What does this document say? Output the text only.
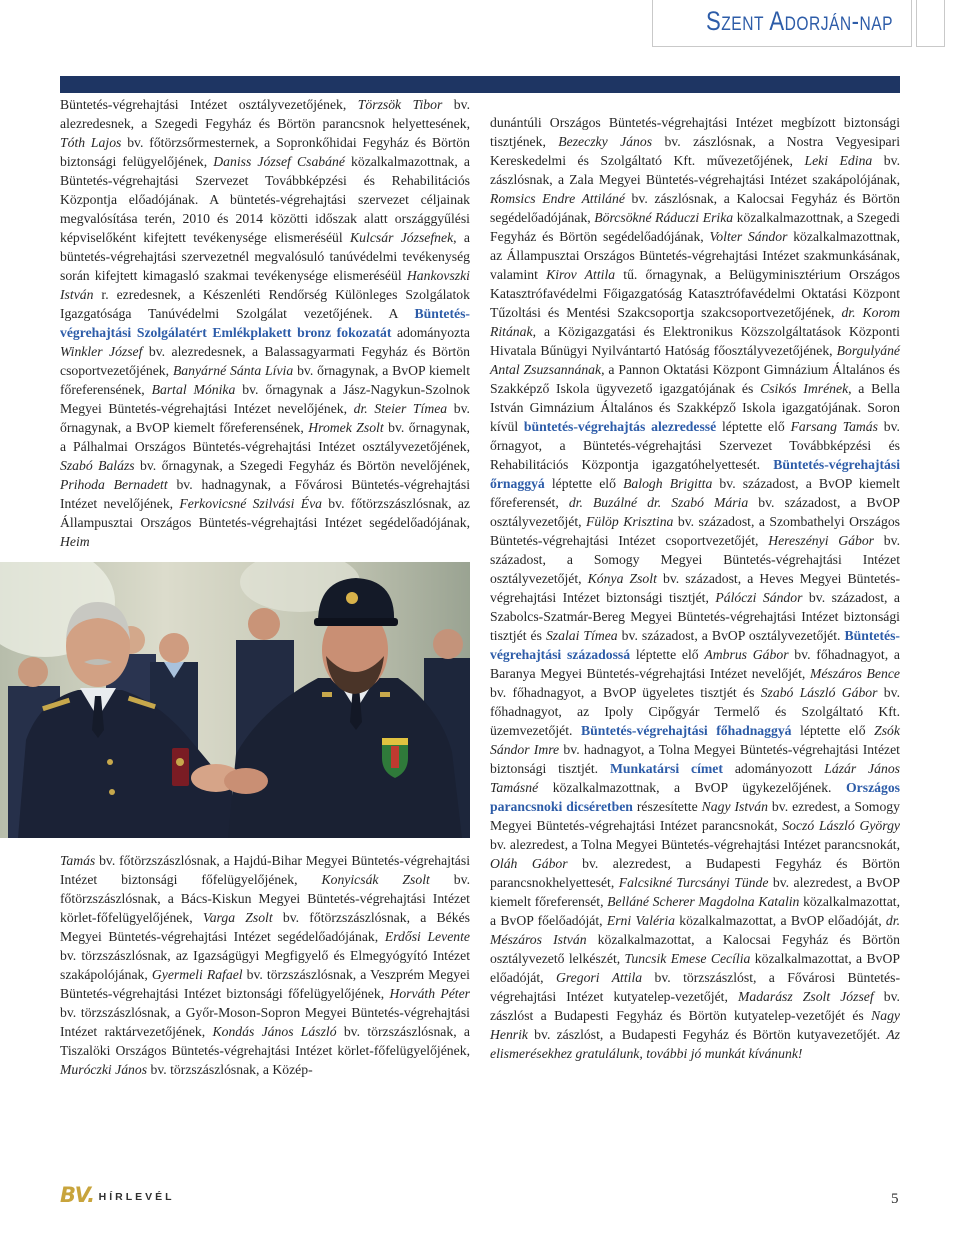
Szent Adorján-nap

Büntetés-végrehajtási Intézet osztályvezetőjének, Törzsök Tibor bv. alezredesnek, a Szegedi Fegyház és Börtön parancsnok helyettesének, Tóth Lajos bv. főtörzsőrmesternek, a Sopronkőhidai Fegyház és Börtön biztonsági felügyelőjének, Daniss József Csabáné közalkalmazottnak, a Büntetés-végrehajtási Szervezet Továbbképzési és Rehabilitációs Központja előadójának. A büntetés-végrehajtási szervezet céljainak megvalósítása terén, 2010 és 2014 közötti időszak alatt országgyűlési képviselőként kifejtett tevékenysége elismeréséül Kulcsár Józsefnek, a büntetés-végrehajtási szervezetnél megvalósuló tanúvédelmi tevékenység során kifejtett kimagasló szakmai tevékenysége elismeréséül Hankovszki István r. ezredesnek, a Készenléti Rendőrség Különleges Szolgálatok Igazgatósága Tanúvédelmi Szolgálat vezetőjének. A Büntetés-végrehajtási Szolgálatért Emlékplakett bronz fokozatát adományozta Winkler József bv. alezredesnek, a Balassagyarmati Fegyház és Börtön csoportvezetőjének, Banyárné Sánta Lívia bv. őrnagynak, a BvOP kiemelt főreferensének, Bartal Mónika bv. őrnagynak a Jász-Nagykun-Szolnok Megyei Büntetés-végrehajtási Intézet nevelőjének, dr. Steier Tímea bv. őrnagynak, a BvOP kiemelt főreferensének, Hromek Zsolt bv. őrnagynak, a Pálhalmai Országos Büntetés-végrehajtási Intézet osztályvezetőjének, Szabó Balázs bv. őrnagynak, a Szegedi Fegyház és Börtön nevelőjének, Prihoda Bernadett bv. hadnagynak, a Fővárosi Büntetés-végrehajtási Intézet nevelőjének, Ferkovicsné Szilvási Éva bv. főtörzszászlósnak, az Állampusztai Országos Büntetés-végrehajtási Intézet segédelőadójának, Heim

Tamás bv. főtörzszászlósnak, a Hajdú-Bihar Megyei Büntetés-végrehajtási Intézet biztonsági főfelügyelőjének, Konyicsák Zsolt bv. főtörzszászlósnak, a Bács-Kiskun Megyei Büntetés-végrehajtási Intézet körlet-főfelügyelőjének, Varga Zsolt bv. főtörzszászlósnak, a Békés Megyei Büntetés-végrehajtási Intézet segédelőadójának, Erdősi Levente bv. törzszászlósnak, az Igazságügyi Megfigyelő és Elmegyógyító Intézet szakápolójának, Gyermeli Rafael bv. törzszászlósnak, a Veszprém Megyei Büntetés-végrehajtási Intézet biztonsági főfelügyelőjének, Horváth Péter bv. törzszászlósnak, a Győr-Moson-Sopron Megyei Büntetés-végrehajtási Intézet raktárvezetőjének, Kondás János László bv. törzszászlósnak, a Tiszalöki Országos Büntetés-végrehajtási Intézet körlet-főfelügyelőjének, Muróczki János bv. törzszászlósnak, a Közép-

dunántúli Országos Büntetés-végrehajtási Intézet megbízott biztonsági tisztjének, Bezeczky János bv. zászlósnak, a Nostra Vegyesipari Kereskedelmi és Szolgáltató Kft. művezetőjének, Leki Edina bv. zászlósnak, a Zala Megyei Büntetés-végrehajtási Intézet szakápolójának, Romsics Endre Attiláné bv. zászlósnak, a Kalocsai Fegyház és Börtön segédelőadójának, Börcsökné Ráduczi Erika közalkalmazottnak, a Szegedi Fegyház és Börtön segédelőadójának, Volter Sándor közalkalmazottnak, az Állampusztai Országos Büntetés-végrehajtási Intézet szakmunkásának, valamint Kirov Attila tű. őrnagynak, a Belügyminisztérium Országos Katasztrófavédelmi Főigazgatóság Katasztrófavédelmi Oktatási Központ Tűzoltási és Mentési Szakcsoportja szakcsoportvezetőjének, dr. Korom Ritának, a Közigazgatási és Elektronikus Közszolgáltatások Központi Hivatala Bűnügyi Nyilvántartó Hatóság főosztályvezetőjének, Borgulyáné Antal Zsuzsannának, a Pannon Oktatási Központ Gimnázium Általános és Szakképző Iskola ügyvezető igazgatójának és Csikós Imrének, a Bella István Gimnázium Általános és Szakképző Iskola igazgatójának. Soron kívül büntetés-végrehajtás alezredessé léptette elő Farsang Tamás bv. őrnagyot, a Büntetés-végrehajtási Szervezet Továbbképzési és Rehabilitációs Központja igazgatóhelyettesét. Büntetés-végrehajtási őrnaggyá léptette elő Balogh Brigitta bv. századost, a BvOP kiemelt főreferensét, dr. Buzálné dr. Szabó Mária bv. századost, a BvOP osztályvezetőjét, Fülöp Krisztina bv. századost, a Szombathelyi Országos Büntetés-végrehajtási Intézet csoportvezetőjét, Hereszényi Gábor bv. századost, a Somogy Megyei Büntetés-végrehajtási Intézet osztályvezetőjét, Kónya Zsolt bv. századost, a Heves Megyei Büntetés-végrehajtási Intézet biztonsági tisztjét, Pálóczi Sándor bv. századost, a Szabolcs-Szatmár-Bereg Megyei Büntetés-végrehajtási Intézet biztonsági tisztjét és Szalai Tímea bv. századost, a BvOP osztályvezetőjét. Büntetés-végrehajtási századossá léptette elő Ambrus Gábor bv. főhadnagyot, a Baranya Megyei Büntetés-végrehajtási Intézet nevelőjét, Mészáros Bence bv. főhadnagyot, a BvOP ügyeletes tisztjét és Szabó László Gábor bv. főhadnagyot, az Ipoly Cipőgyár Termelő és Szolgáltató Kft. üzemvezetőjét. Büntetés-végrehajtási főhadnaggyá léptette elő Zsók Sándor Imre bv. hadnagyot, a Tolna Megyei Büntetés-végrehajtási Intézet biztonsági tisztjét. Munkatársi címet adományozott Lázár János Tamásné közalkalmazottnak, a BvOP ügykezelőjének. Országos parancsnoki dicséretben részesítette Nagy István bv. ezredest, a Somogy Megyei Büntetés-végrehajtási Intézet parancsnokát, Soczó László György bv. alezredest, a Tolna Megyei Büntetés-végrehajtási Intézet parancsnokát, Oláh Gábor bv. alezredest, a Budapesti Fegyház és Börtön parancsnokhelyettesét, Falcsikné Turcsányi Tünde bv. alezredest, a BvOP kiemelt főreferensét, Belláné Scherer Magdolna Katalin közalkalmazottat, a BvOP főelőadóját, Erni Valéria közalkalmazottat, a BvOP előadóját, dr. Mészáros István közalkalmazottat, a Kalocsai Fegyház és Börtön osztályvezető lelkészét, Tuncsik Emese Cecília közalkalmazottat, a BvOP előadóját, Gregori Attila bv. törzszászlóst, a Fővárosi Büntetés-végrehajtási Intézet kutyatelep-vezetőjét, Madarász Zsolt József bv. zászlóst a Budapesti Fegyház és Börtön kutyatelep-vezetőjét és Nagy Henrik bv. zászlóst, a Budapesti Fegyház és Börtön kutyavezetőjét. Az elismerésekhez gratulálunk, további jó munkát kívánunk!

BV. HÍRLEVÉL	5
